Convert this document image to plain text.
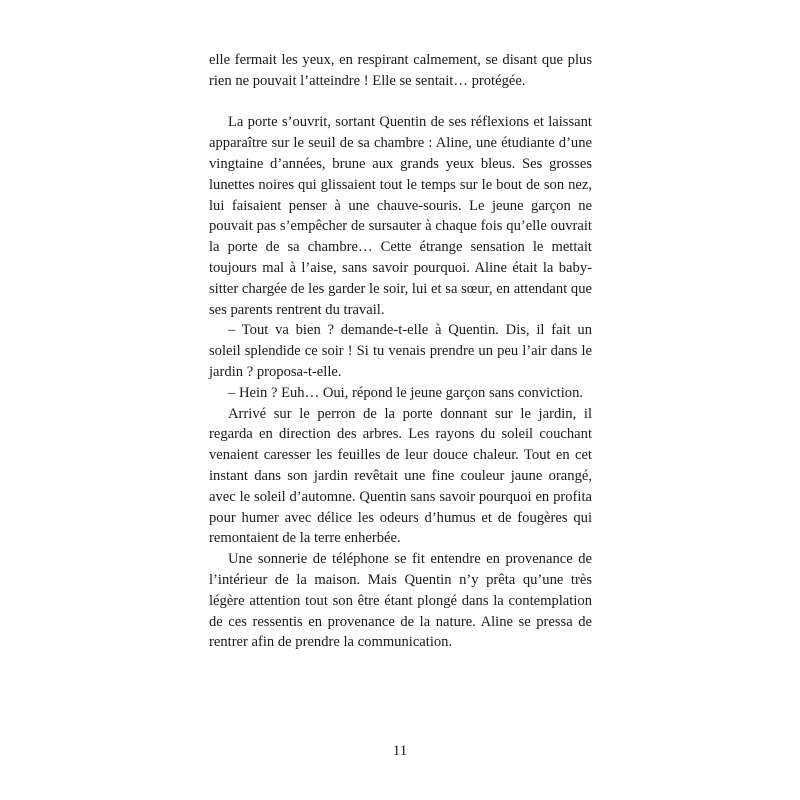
elle fermait les yeux, en respirant calmement, se disant que plus rien ne pouvait l’atteindre ! Elle se sentait… protégée.

La porte s’ouvrit, sortant Quentin de ses réflexions et laissant apparaître sur le seuil de sa chambre : Aline, une étudiante d’une vingtaine d’années, brune aux grands yeux bleus. Ses grosses lunettes noires qui glissaient tout le temps sur le bout de son nez, lui faisaient penser à une chauve-souris. Le jeune garçon ne pouvait pas s’empêcher de sursauter à chaque fois qu’elle ouvrait la porte de sa chambre… Cette étrange sensation le mettait toujours mal à l’aise, sans savoir pourquoi. Aline était la baby-sitter chargée de les garder le soir, lui et sa sœur, en attendant que ses parents rentrent du travail.

– Tout va bien ? demande-t-elle à Quentin. Dis, il fait un soleil splendide ce soir ! Si tu venais prendre un peu l’air dans le jardin ? proposa-t-elle.

– Hein ? Euh… Oui, répond le jeune garçon sans conviction.

Arrivé sur le perron de la porte donnant sur le jardin, il regarda en direction des arbres. Les rayons du soleil couchant venaient caresser les feuilles de leur douce chaleur. Tout en cet instant dans son jardin revêtait une fine couleur jaune orangé, avec le soleil d’automne. Quentin sans savoir pourquoi en profita pour humer avec délice les odeurs d’humus et de fougères qui remontaient de la terre enherbée.

Une sonnerie de téléphone se fit entendre en provenance de l’intérieur de la maison. Mais Quentin n’y prêta qu’une très légère attention tout son être étant plongé dans la contemplation de ces ressentis en provenance de la nature. Aline se pressa de rentrer afin de prendre la communication.

11
